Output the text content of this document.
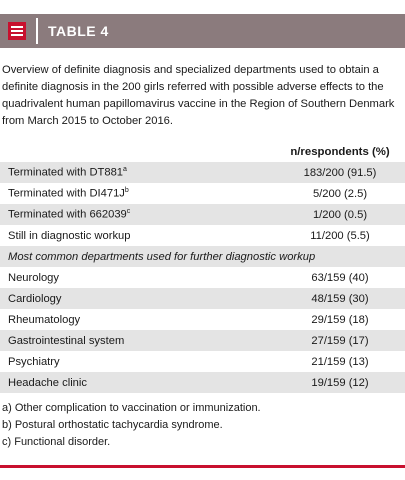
TABLE 4
Overview of definite diagnosis and specialized departments used to obtain a definite diagnosis in the 200 girls referred with possible adverse effects to the quadrivalent human papillomavirus vaccine in the Region of Southern Denmark from March 2015 to October 2016.
	n/respondents (%)
Terminated with DT881$^a$	183/200 (91.5)
Terminated with $DI471J^b$	5/200 (2.5)
Terminated with 662039$^c$	1/200 (0.5)
Still in diagnostic workup	11/200 (5.5)
Most common departments used for further diagnostic workup	
Neurology	63/159 (40)
Cardiology	48/159 (30)
Rheumatology	29/159 (18)
Gastrointestinal system	27/159 (17)
Psychiatry	21/159 (13)
Headache clinic	19/159 (12)
a) Other complication to vaccination or immunization.
b) Postural orthostatic tachycardia syndrome.
c) Functional disorder.
